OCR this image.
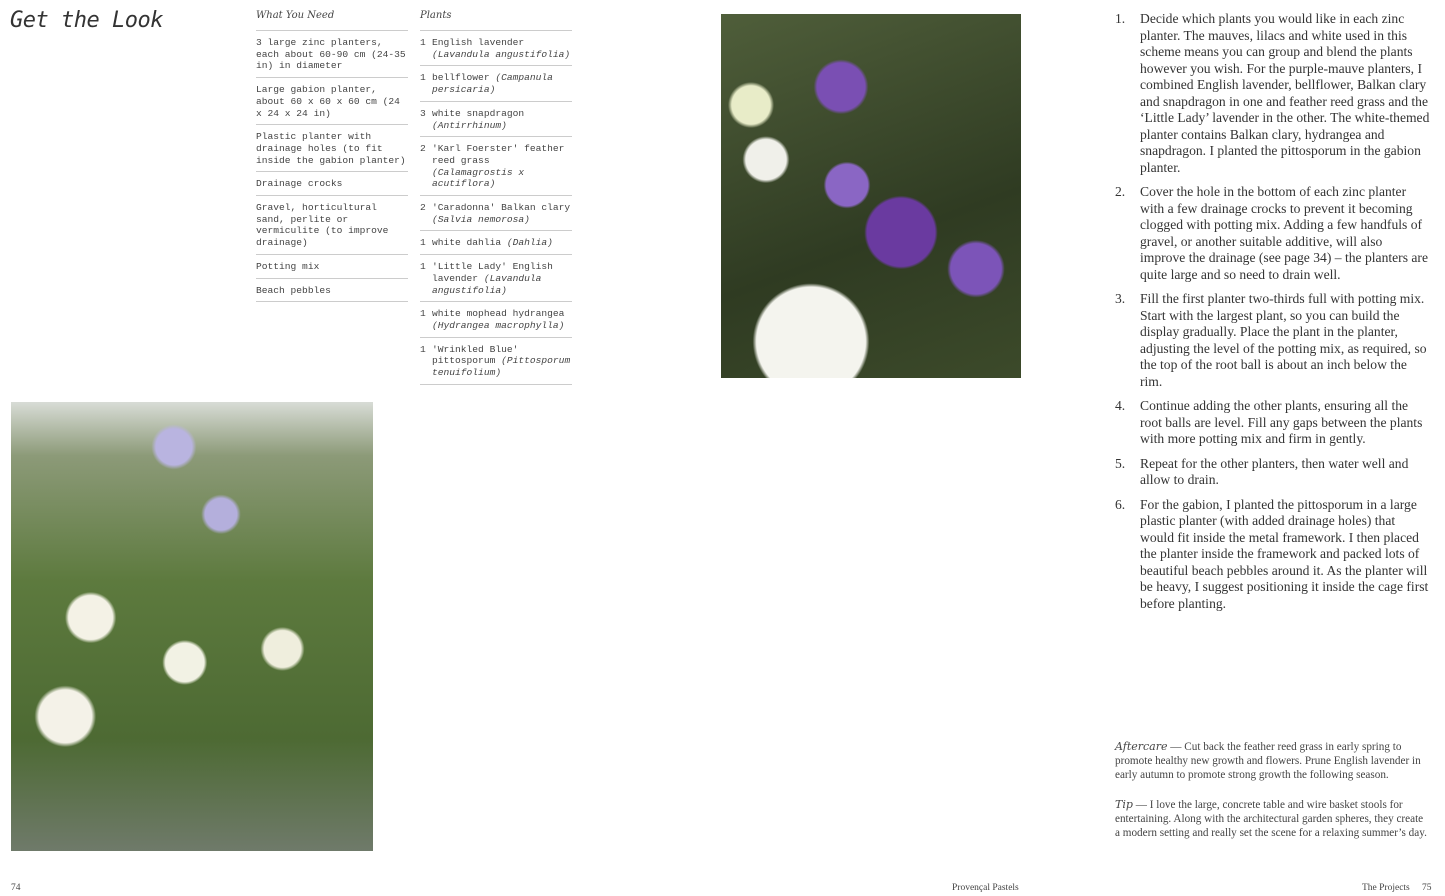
Get the Look	What You Need
3 large zinc planters, each about 60-90 cm (24-35 in) in diameter
Large gabion planter, about 60 x 60 x 60 cm (24 x 24 x 24 in)
Plastic planter with drainage holes (to fit inside the gabion planter)
Drainage crocks
Gravel, horticultural sand, perlite or vermiculite (to improve drainage)
Potting mix
Beach pebbles
Plants
1 English lavender (Lavandula angustifolia)
1 bellflower (Campanula persicaria)
3 white snapdragon (Antirrhinum)
2 'Karl Foerster' feather reed grass (Calamagrostis x acutiflora)
2 'Caradonna' Balkan clary (Salvia nemorosa)
1 white dahlia (Dahlia)
1 'Little Lady' English lavender (Lavandula angustifolia)
1 white mophead hydrangea (Hydrangea macrophylla)
1 'Wrinkled Blue' pittosporum (Pittosporum tenuifolium)
1.	Decide which plants you would like in each zinc planter. The mauves, lilacs and white used in this scheme means you can group and blend the plants however you wish. For the purple-mauve planters, I combined English lavender, bellflower, Balkan clary and snapdragon in one and feather reed grass and the ‘Little Lady’ lavender in the other. The white-themed planter contains Balkan clary, hydrangea and snapdragon. I planted the pittosporum in the gabion planter.
2.	Cover the hole in the bottom of each zinc planter with a few drainage crocks to prevent it becoming clogged with potting mix. Adding a few handfuls of gravel, or another suitable additive, will also improve the drainage (see page 34) – the planters are quite large and so need to drain well.
3.	Fill the first planter two-thirds full with potting mix. Start with the largest plant, so you can build the display gradually. Place the plant in the planter, adjusting the level of the potting mix, as required, so the top of the root ball is about an inch below the rim.
4.	Continue adding the other plants, ensuring all the root balls are level. Fill any gaps between the plants with more potting mix and firm in gently.
5.	Repeat for the other planters, then water well and allow to drain.
6.	For the gabion, I planted the pittosporum in a large plastic planter (with added drainage holes) that would fit inside the metal framework. I then placed the planter inside the framework and packed lots of beautiful beach pebbles around it. As the planter will be heavy, I suggest positioning it inside the cage first before planting.

Aftercare — Cut back the feather reed grass in early spring to promote healthy new growth and flowers. Prune English lavender in early autumn to promote strong growth the following season.

Tip — I love the large, concrete table and wire basket stools for entertaining. Along with the architectural garden spheres, they create a modern setting and really set the scene for a relaxing summer’s day.

74	Provençal Pastels	The Projects 75
